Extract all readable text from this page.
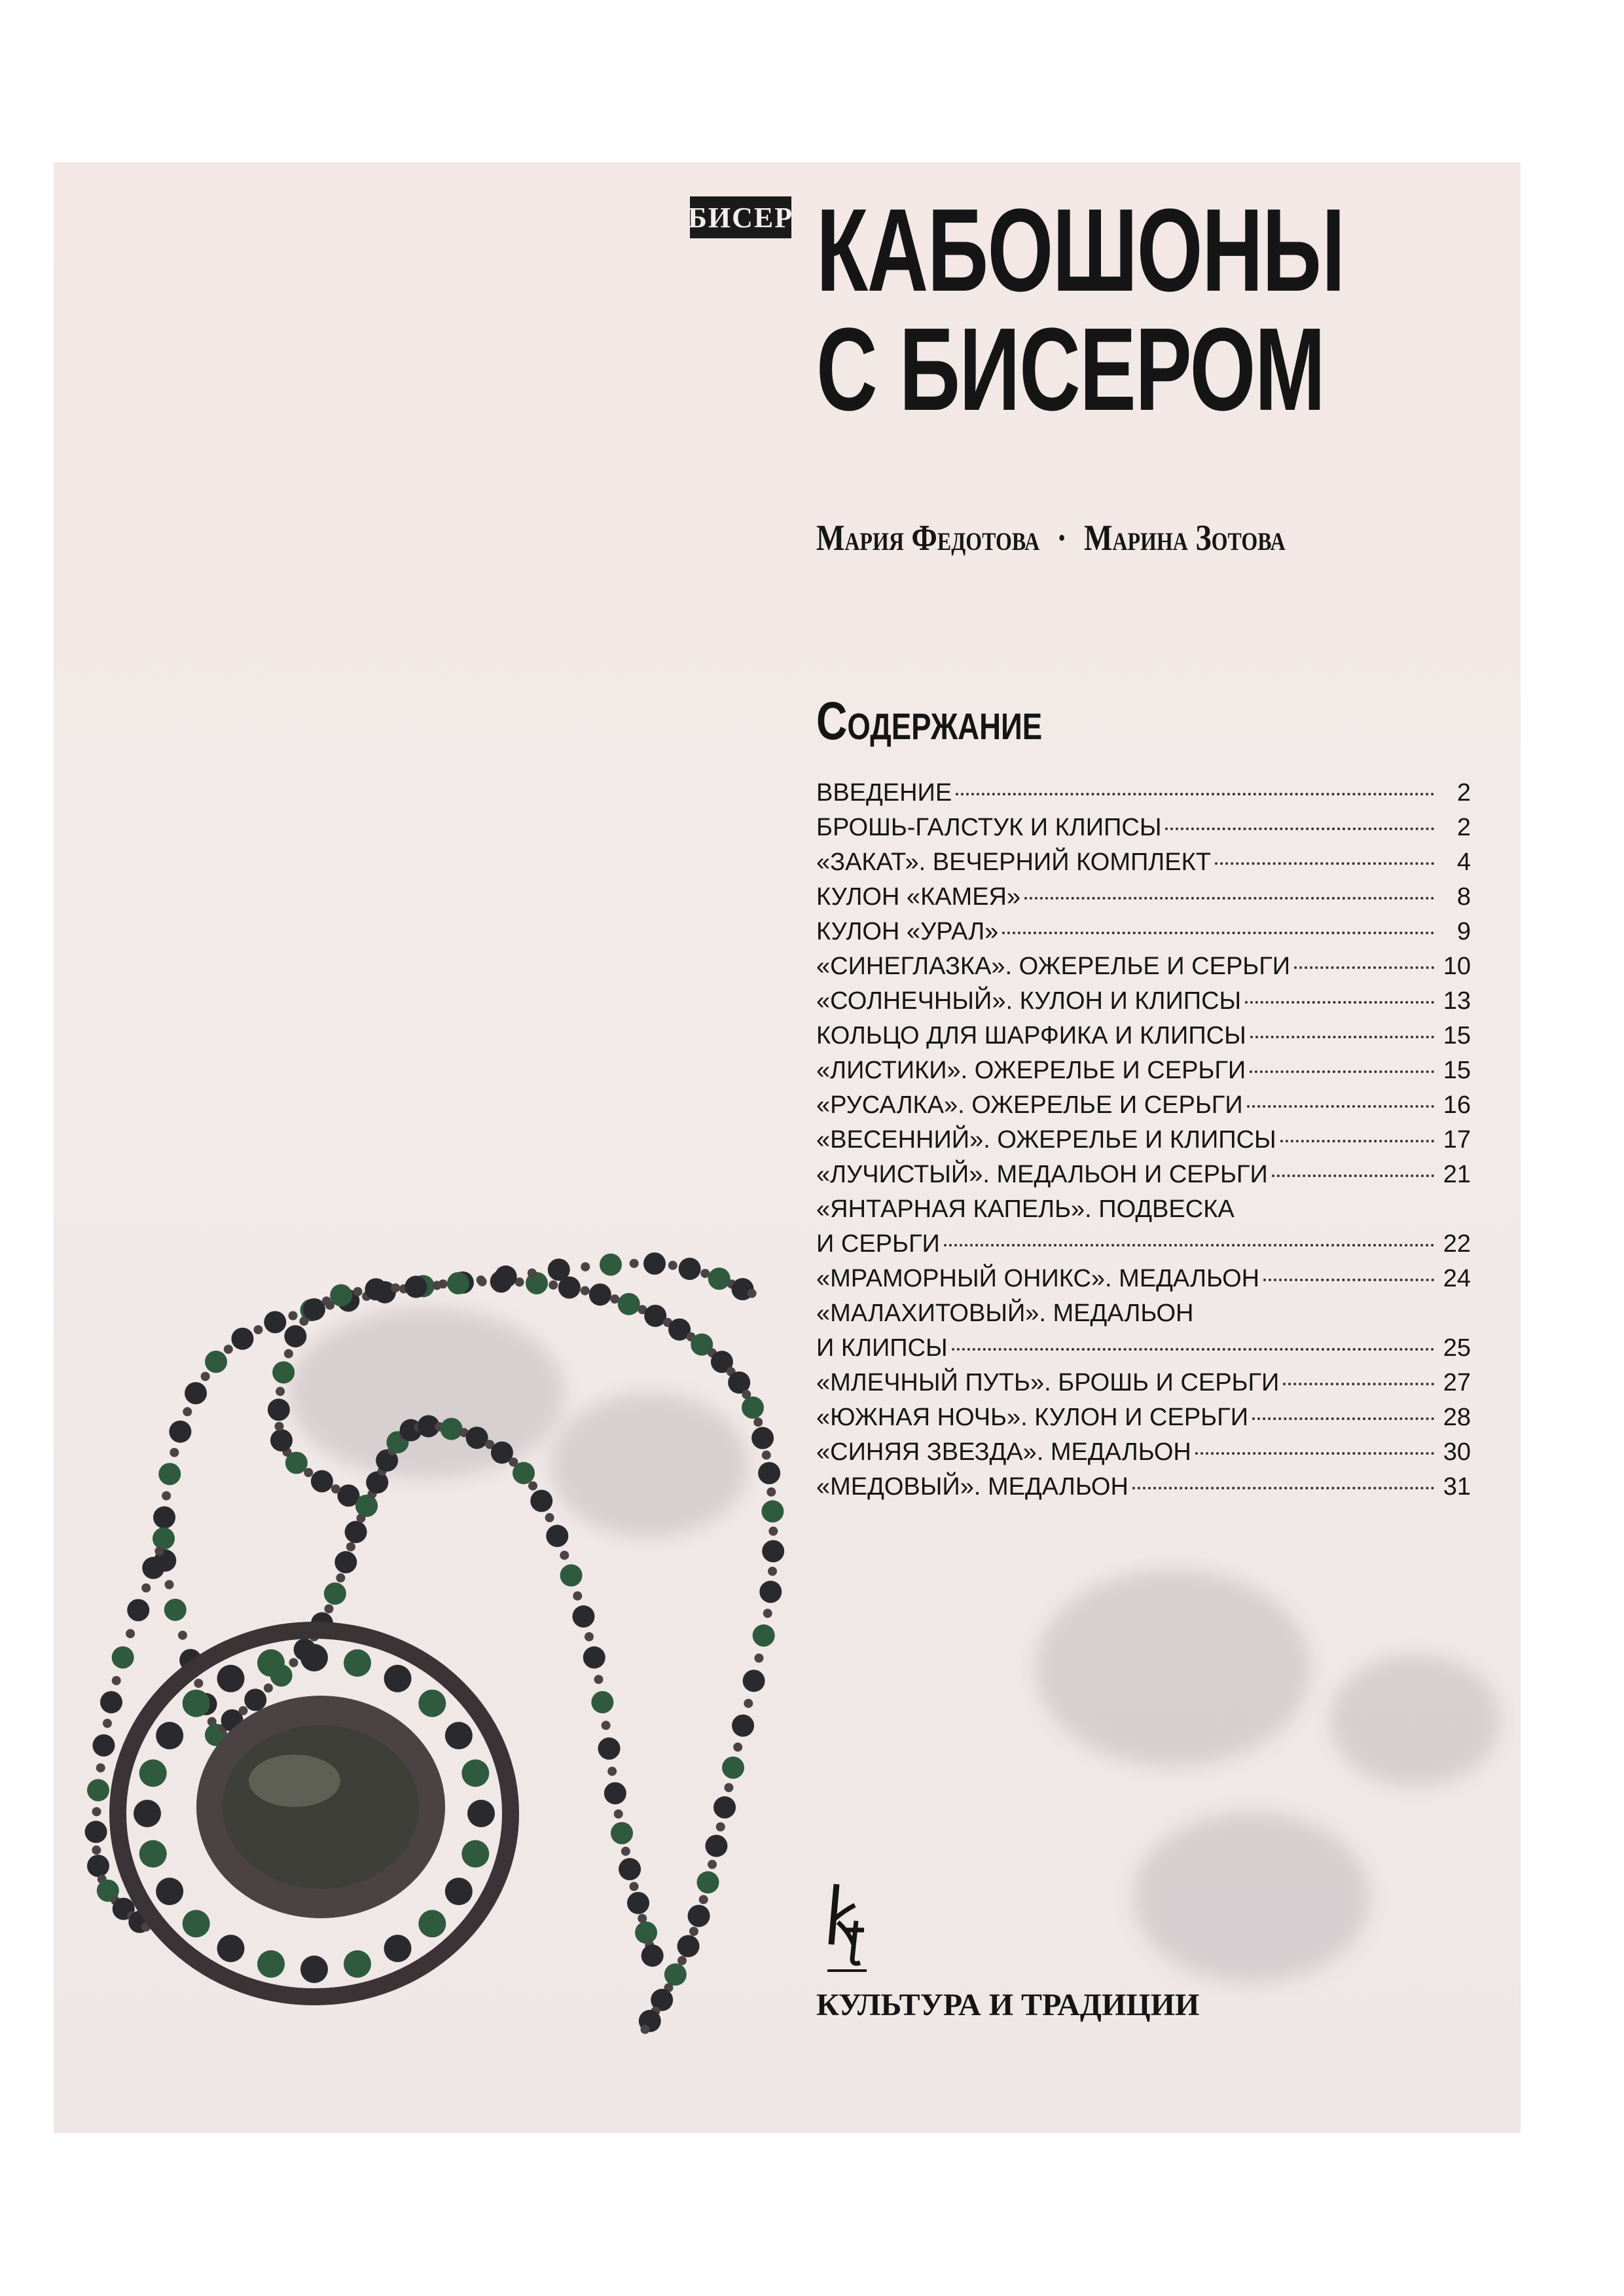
БИСЕР КАБОШОНЫ
С БИСЕРОМ
Мария Федотова · Марина Зотова
Содержание
ВВЕДЕНИЕ	2
БРОШЬ-ГАЛСТУК И КЛИПСЫ	2
«ЗАКАТ». ВЕЧЕРНИЙ КОМПЛЕКТ	4
КУЛОН «КАМЕЯ»	8
КУЛОН «УРАЛ»	9
«СИНЕГЛАЗКА». ОЖЕРЕЛЬЕ И СЕРЬГИ	10
«СОЛНЕЧНЫЙ». КУЛОН И КЛИПСЫ	13
КОЛЬЦО ДЛЯ ШАРФИКА И КЛИПСЫ	15
«ЛИСТИКИ». ОЖЕРЕЛЬЕ И СЕРЬГИ	15
«РУСАЛКА». ОЖЕРЕЛЬЕ И СЕРЬГИ	16
«ВЕСЕННИЙ». ОЖЕРЕЛЬЕ И КЛИПСЫ	17
«ЛУЧИСТЫЙ». МЕДАЛЬОН И СЕРЬГИ	21
«ЯНТАРНАЯ КАПЕЛЬ». ПОДВЕСКА
И СЕРЬГИ	22
«МРАМОРНЫЙ ОНИКС». МЕДАЛЬОН	24
«МАЛАХИТОВЫЙ». МЕДАЛЬОН
И КЛИПСЫ	25
«МЛЕЧНЫЙ ПУТЬ». БРОШЬ И СЕРЬГИ	27
«ЮЖНАЯ НОЧЬ». КУЛОН И СЕРЬГИ	28
«СИНЯЯ ЗВЕЗДА». МЕДАЛЬОН	30
«МЕДОВЫЙ». МЕДАЛЬОН	31
КУЛЬТУРА И ТРАДИЦИИ
